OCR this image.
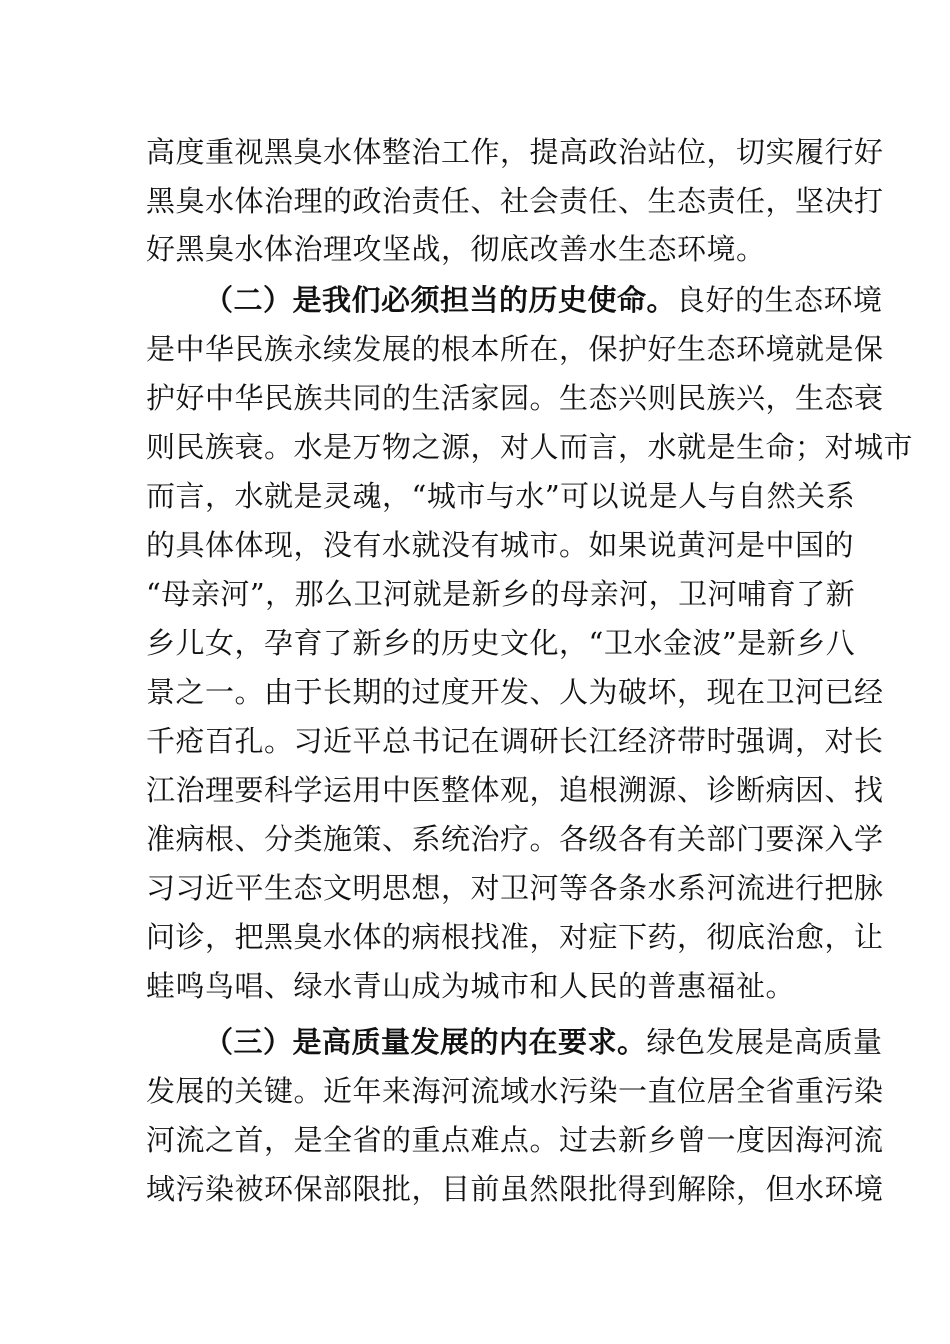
高度重视黑臭水体整治工作，提高政治站位，切实履行好
黑臭水体治理的政治责任、社会责任、生态责任，坚决打
好黑臭水体治理攻坚战，彻底改善水生态环境。
（二）是我们必须担当的历史使命。良好的生态环境
是中华民族永续发展的根本所在，保护好生态环境就是保
护好中华民族共同的生活家园。生态兴则民族兴，生态衰
则民族衰。水是万物之源，对人而言，水就是生命；对城市
而言，水就是灵魂，“城市与水”可以说是人与自然关系
的具体体现，没有水就没有城市。如果说黄河是中国的
“母亲河”，那么卫河就是新乡的母亲河，卫河哺育了新
乡儿女，孕育了新乡的历史文化，“卫水金波”是新乡八
景之一。由于长期的过度开发、人为破坏，现在卫河已经
千疮百孔。习近平总书记在调研长江经济带时强调，对长
江治理要科学运用中医整体观，追根溯源、诊断病因、找
准病根、分类施策、系统治疗。各级各有关部门要深入学
习习近平生态文明思想，对卫河等各条水系河流进行把脉
问诊，把黑臭水体的病根找准，对症下药，彻底治愈，让
蛙鸣鸟唱、绿水青山成为城市和人民的普惠福祉。
（三）是高质量发展的内在要求。绿色发展是高质量
发展的关键。近年来海河流域水污染一直位居全省重污染
河流之首，是全省的重点难点。过去新乡曾一度因海河流
域污染被环保部限批，目前虽然限批得到解除，但水环境
